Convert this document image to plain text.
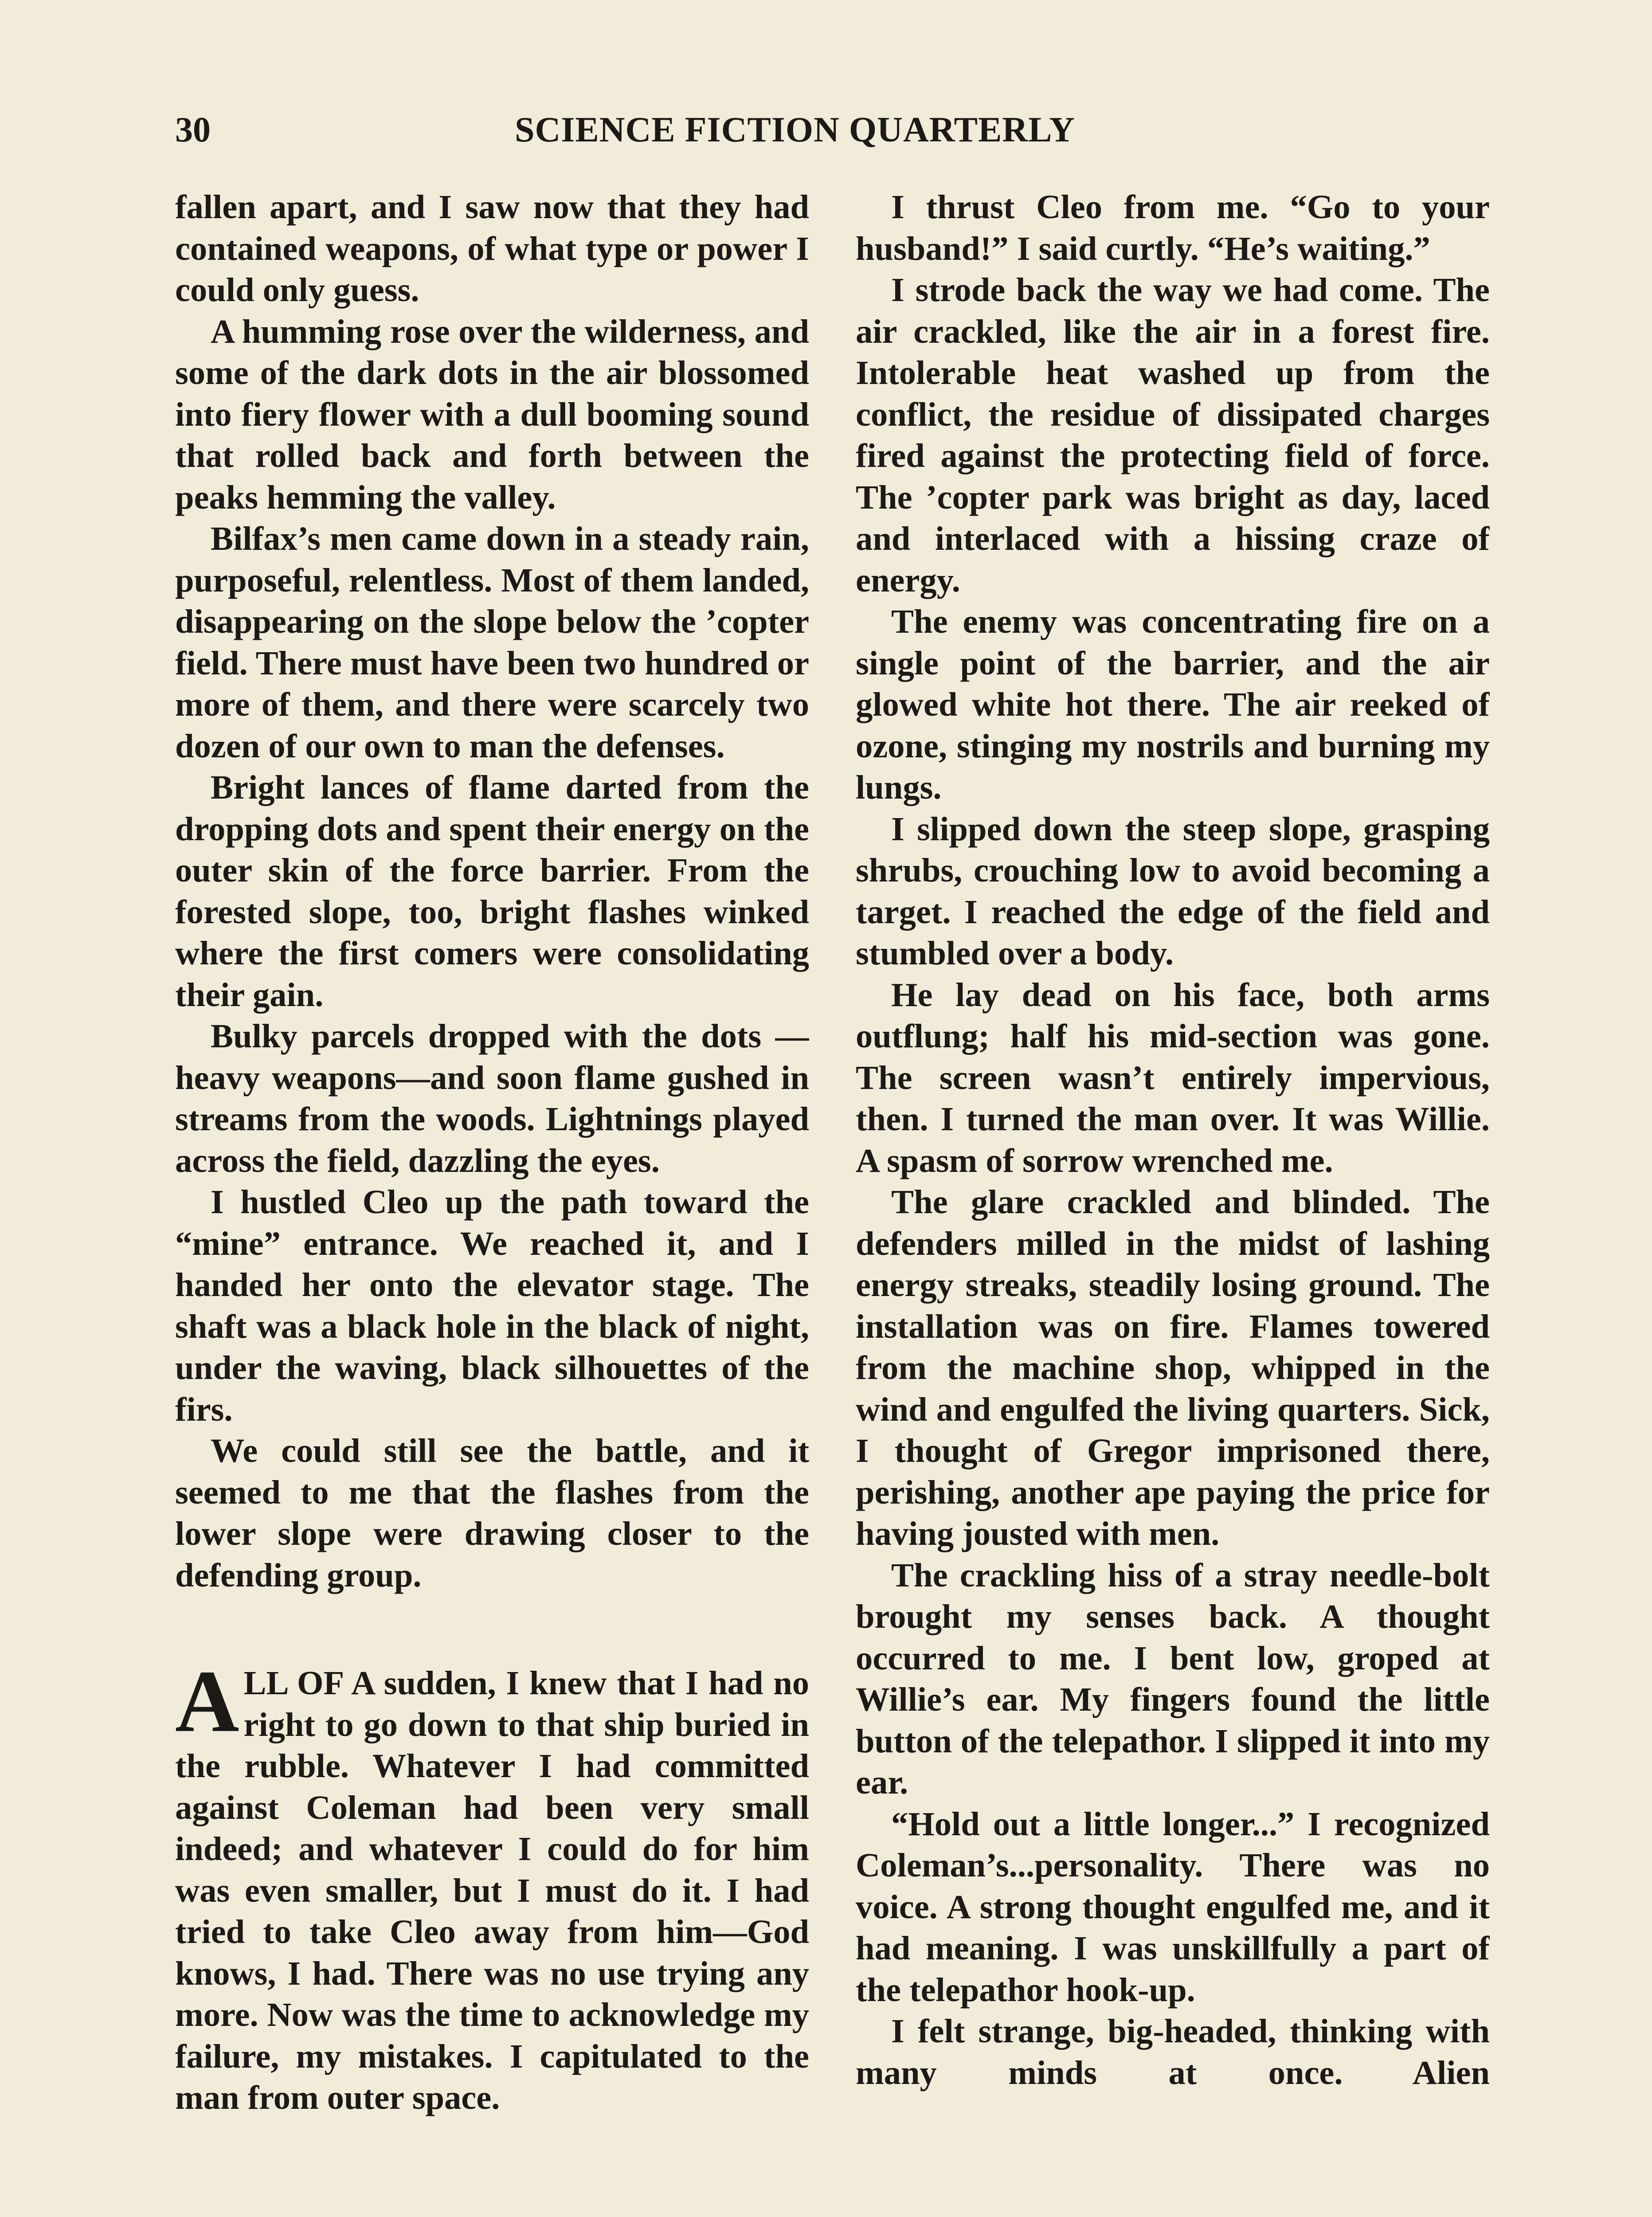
30	SCIENCE FICTION QUARTERLY

fallen apart, and I saw now that they had contained weapons, of what type or power I could only guess.

A humming rose over the wilderness, and some of the dark dots in the air blossomed into fiery flower with a dull booming sound that rolled back and forth between the peaks hemming the valley.

Bilfax’s men came down in a steady rain, purposeful, relentless. Most of them landed, disappearing on the slope below the ’copter field. There must have been two hundred or more of them, and there were scarcely two dozen of our own to man the defenses.

Bright lances of flame darted from the dropping dots and spent their energy on the outer skin of the force barrier. From the forested slope, too, bright flashes winked where the first comers were consolidating their gain.

Bulky parcels dropped with the dots —heavy weapons—and soon flame gushed in streams from the woods. Lightnings played across the field, dazzling the eyes.

I hustled Cleo up the path toward the “mine” entrance. We reached it, and I handed her onto the elevator stage. The shaft was a black hole in the black of night, under the waving, black silhouettes of the firs.

We could still see the battle, and it seemed to me that the flashes from the lower slope were drawing closer to the defending group.

ALL OF A sudden, I knew that I had no right to go down to that ship buried in the rubble. Whatever I had committed against Coleman had been very small indeed; and whatever I could do for him was even smaller, but I must do it. I had tried to take Cleo away from him—God knows, I had. There was no use trying any more. Now was the time to acknowledge my failure, my mistakes. I capitulated to the man from outer space.

I thrust Cleo from me. “Go to your husband!” I said curtly. “He’s waiting.”

I strode back the way we had come. The air crackled, like the air in a forest fire. Intolerable heat washed up from the conflict, the residue of dissipated charges fired against the protecting field of force. The ’copter park was bright as day, laced and interlaced with a hissing craze of energy.

The enemy was concentrating fire on a single point of the barrier, and the air glowed white hot there. The air reeked of ozone, stinging my nostrils and burning my lungs.

I slipped down the steep slope, grasping shrubs, crouching low to avoid becoming a target. I reached the edge of the field and stumbled over a body.

He lay dead on his face, both arms outflung; half his mid-section was gone. The screen wasn’t entirely impervious, then. I turned the man over. It was Willie. A spasm of sorrow wrenched me.

The glare crackled and blinded. The defenders milled in the midst of lashing energy streaks, steadily losing ground. The installation was on fire. Flames towered from the machine shop, whipped in the wind and engulfed the living quarters. Sick, I thought of Gregor imprisoned there, perishing, another ape paying the price for having jousted with men.

The crackling hiss of a stray needle-bolt brought my senses back. A thought occurred to me. I bent low, groped at Willie’s ear. My fingers found the little button of the telepathor. I slipped it into my ear.

“Hold out a little longer...” I recognized Coleman’s...personality. There was no voice. A strong thought engulfed me, and it had meaning. I was unskillfully a part of the telepathor hook-up.

I felt strange, big-headed, thinking with many minds at once. Alien
